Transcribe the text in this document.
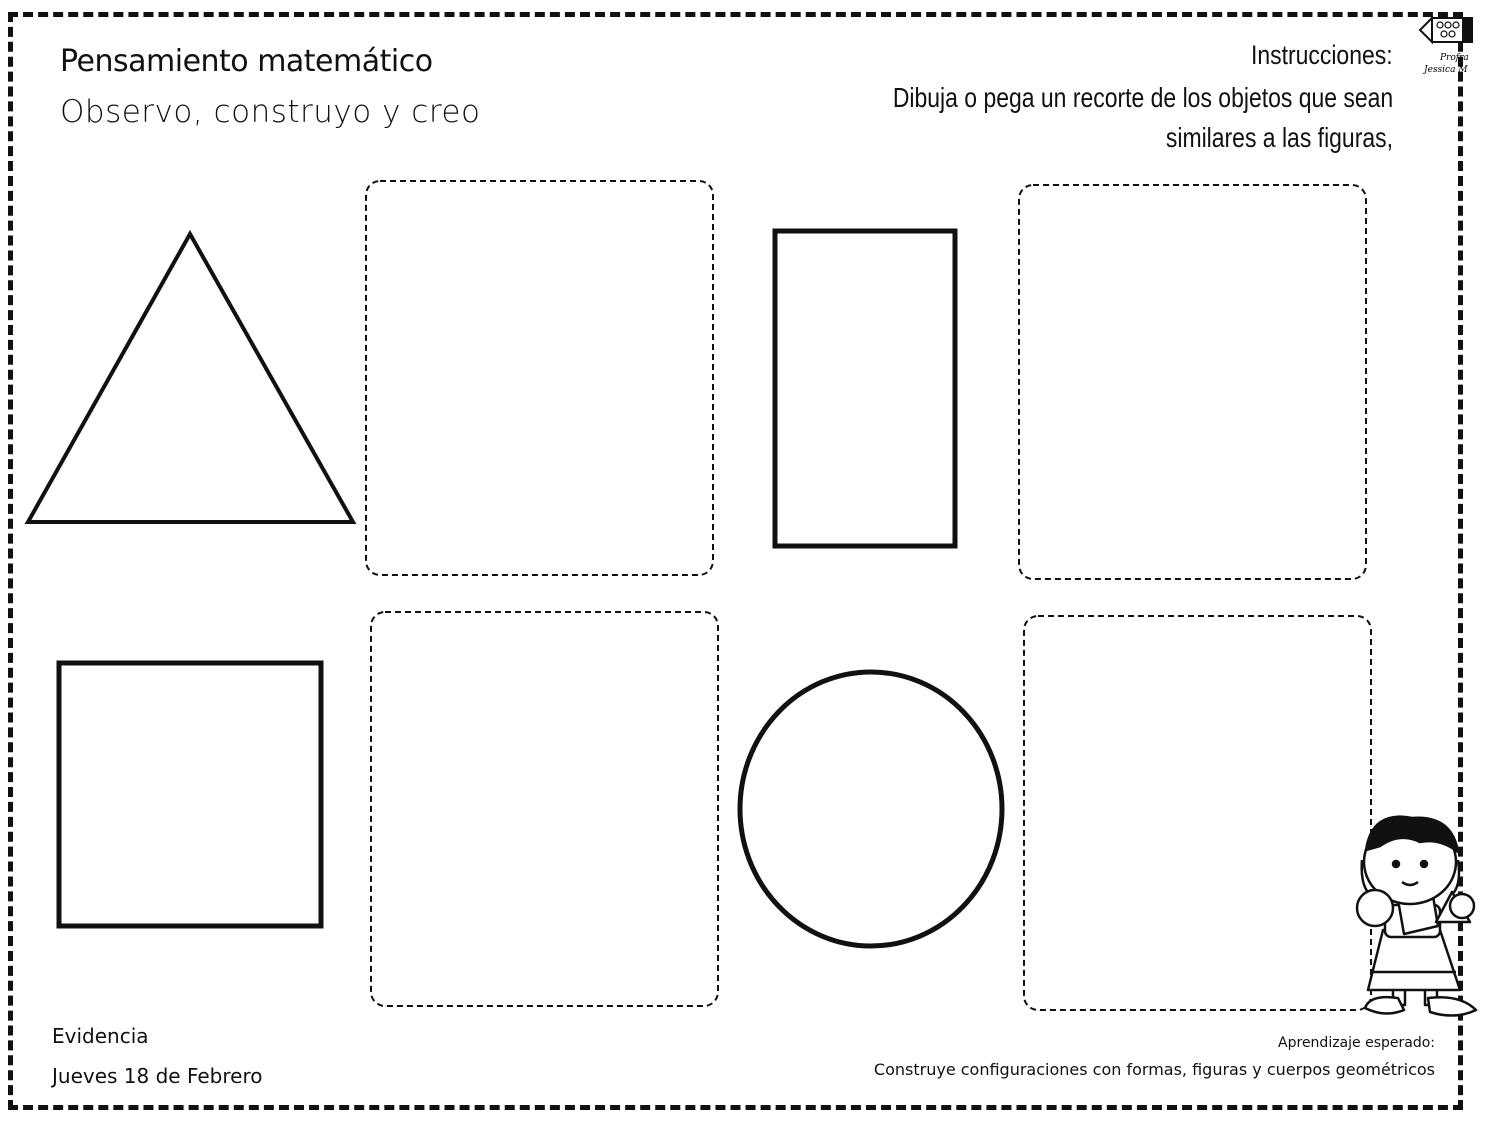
Pensamiento matemático
Observo, construyo y creo
Instrucciones:
Dibuja o pega un recorte de los objetos que sean
similares a las figuras,
Profra
Jessica M
Evidencia
Jueves 18 de Febrero
Aprendizaje esperado:
Construye configuraciones con formas, figuras y cuerpos geométricos
